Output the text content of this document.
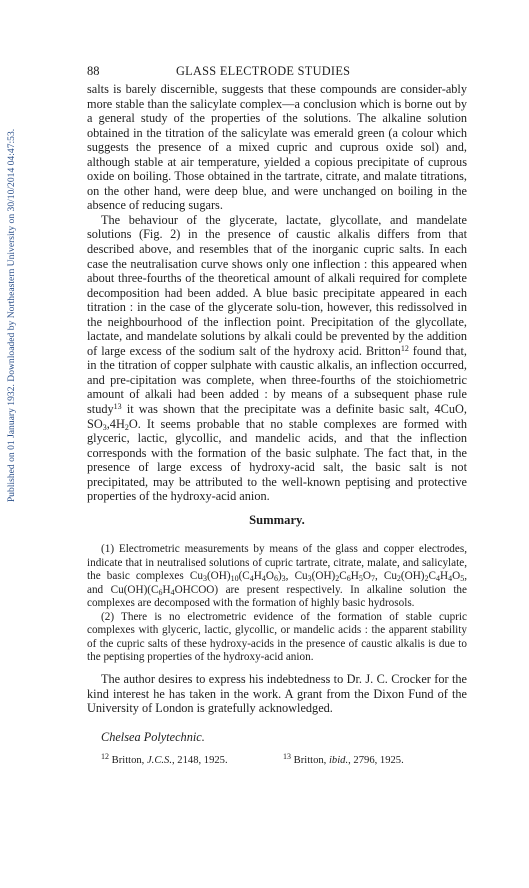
Published on 01 January 1932. Downloaded by Northeastern University on 30/10/2014 04:47:53.
88	GLASS ELECTRODE STUDIES

salts is barely discernible, suggests that these compounds are consider-ably more stable than the salicylate complex—a conclusion which is borne out by a general study of the properties of the solutions. The alkaline solution obtained in the titration of the salicylate was emerald green (a colour which suggests the presence of a mixed cupric and cuprous oxide sol) and, although stable at air temperature, yielded a copious precipitate of cuprous oxide on boiling. Those obtained in the tartrate, citrate, and malate titrations, on the other hand, were deep blue, and were unchanged on boiling in the absence of reducing sugars.

The behaviour of the glycerate, lactate, glycollate, and mandelate solutions (Fig. 2) in the presence of caustic alkalis differs from that described above, and resembles that of the inorganic cupric salts. In each case the neutralisation curve shows only one inflection : this appeared when about three-fourths of the theoretical amount of alkali required for complete decomposition had been added. A blue basic precipitate appeared in each titration : in the case of the glycerate solu-tion, however, this redissolved in the neighbourhood of the inflection point. Precipitation of the glycollate, lactate, and mandelate solutions by alkali could be prevented by the addition of large excess of the sodium salt of the hydroxy acid. Britton$^{12}$ found that, in the titration of copper sulphate with caustic alkalis, an inflection occurred, and pre-cipitation was complete, when three-fourths of the stoichiometric amount of alkali had been added : by means of a subsequent phase rule study$^{13}$ it was shown that the precipitate was a definite basic salt, 4CuO, $SO_3,4H_2O$. It seems probable that no stable complexes are formed with glyceric, lactic, glycollic, and mandelic acids, and that the inflection corresponds with the formation of the basic sulphate. The fact that, in the presence of large excess of hydroxy-acid salt, the basic salt is not precipitated, may be attributed to the well-known peptising and protective properties of the hydroxy-acid anion.

Summary.

(1) Electrometric measurements by means of the glass and copper electrodes, indicate that in neutralised solutions of cupric tartrate, citrate, malate, and salicylate, the basic complexes $Cu_3(OH)_{10}(C_4H_4O_6)_3$, $Cu_3(OH)_2C_6H_5O_7$, $Cu_2(OH)_2C_4H_4O_5$, and $Cu(OH)(C_6H_4OHCOO)$ are present respectively. In alkaline solution the complexes are decomposed with the formation of highly basic hydrosols.

(2) There is no electrometric evidence of the formation of stable cupric complexes with glyceric, lactic, glycollic, or mandelic acids : the apparent stability of the cupric salts of these hydroxy-acids in the presence of caustic alkalis is due to the peptising properties of the hydroxy-acid anion.

The author desires to express his indebtedness to Dr. J. C. Crocker for the kind interest he has taken in the work. A grant from the Dixon Fund of the University of London is gratefully acknowledged.

Chelsea Polytechnic.
$^{12}$ Britton, J.C.S., 2148, 1925.	$^{13}$ Britton, ibid., 2796, 1925.
